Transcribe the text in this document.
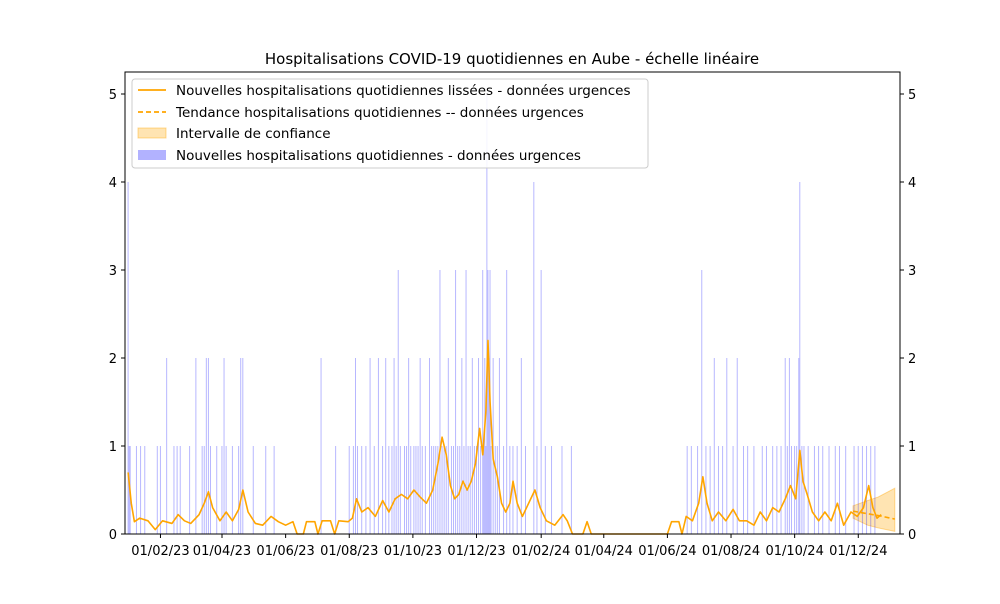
Hospitalisations COVID-19 quotidiennes en Aube - échelle linéaire
0	0
1	1
2	2
3	3
4	4
5	5
01/02/23 01/04/23 01/06/23 01/08/23 01/10/23 01/12/23 01/02/24 01/04/24 01/06/24 01/08/24 01/10/24 01/12/24
Nouvelles hospitalisations quotidiennes lissées - données urgences
Tendance hospitalisations quotidiennes -- données urgences
Intervalle de confiance
Nouvelles hospitalisations quotidiennes - données urgences
